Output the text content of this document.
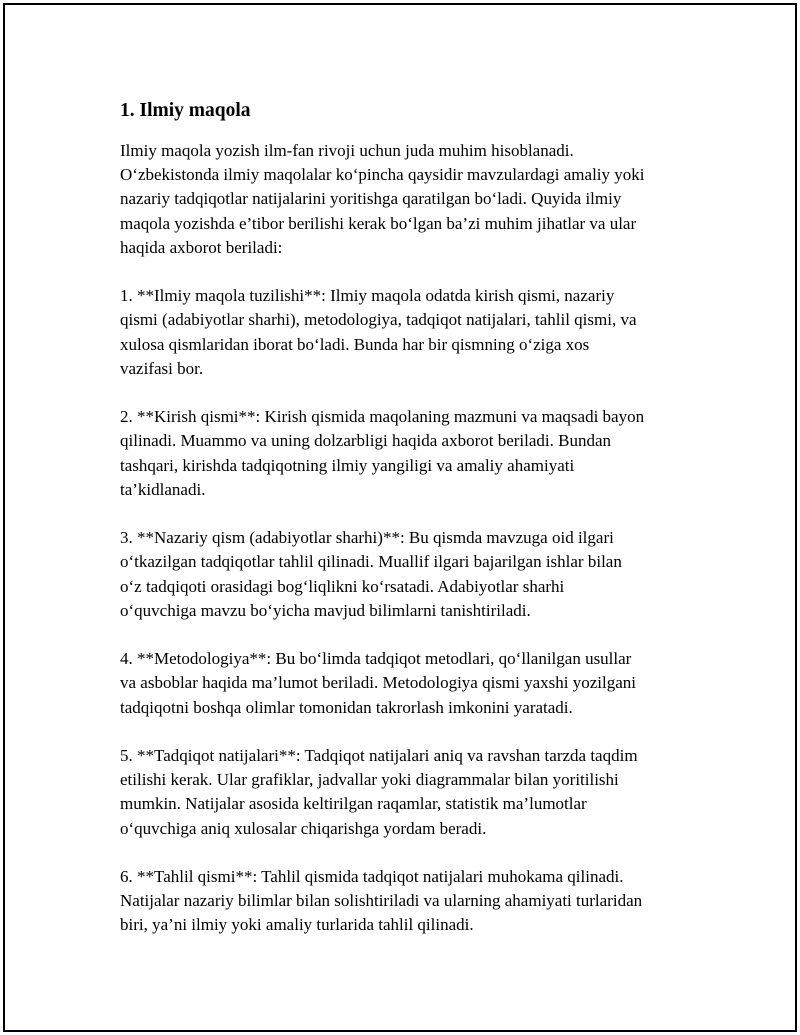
1. Ilmiy maqola

Ilmiy maqola yozish ilm-fan rivoji uchun juda muhim hisoblanadi.
O‘zbekistonda ilmiy maqolalar ko‘pincha qaysidir mavzulardagi amaliy yoki
nazariy tadqiqotlar natijalarini yoritishga qaratilgan bo‘ladi. Quyida ilmiy
maqola yozishda e’tibor berilishi kerak bo‘lgan ba’zi muhim jihatlar va ular
haqida axborot beriladi:

1. **Ilmiy maqola tuzilishi**: Ilmiy maqola odatda kirish qismi, nazariy
qismi (adabiyotlar sharhi), metodologiya, tadqiqot natijalari, tahlil qismi, va
xulosa qismlaridan iborat bo‘ladi. Bunda har bir qismning o‘ziga xos
vazifasi bor.

2. **Kirish qismi**: Kirish qismida maqolaning mazmuni va maqsadi bayon
qilinadi. Muammo va uning dolzarbligi haqida axborot beriladi. Bundan
tashqari, kirishda tadqiqotning ilmiy yangiligi va amaliy ahamiyati
ta’kidlanadi.

3. **Nazariy qism (adabiyotlar sharhi)**: Bu qismda mavzuga oid ilgari
o‘tkazilgan tadqiqotlar tahlil qilinadi. Muallif ilgari bajarilgan ishlar bilan
o‘z tadqiqoti orasidagi bog‘liqlikni ko‘rsatadi. Adabiyotlar sharhi
o‘quvchiga mavzu bo‘yicha mavjud bilimlarni tanishtiriladi.

4. **Metodologiya**: Bu bo‘limda tadqiqot metodlari, qo‘llanilgan usullar
va asboblar haqida ma’lumot beriladi. Metodologiya qismi yaxshi yozilgani
tadqiqotni boshqa olimlar tomonidan takrorlash imkonini yaratadi.

5. **Tadqiqot natijalari**: Tadqiqot natijalari aniq va ravshan tarzda taqdim
etilishi kerak. Ular grafiklar, jadvallar yoki diagrammalar bilan yoritilishi
mumkin. Natijalar asosida keltirilgan raqamlar, statistik ma’lumotlar
o‘quvchiga aniq xulosalar chiqarishga yordam beradi.

6. **Tahlil qismi**: Tahlil qismida tadqiqot natijalari muhokama qilinadi.
Natijalar nazariy bilimlar bilan solishtiriladi va ularning ahamiyati turlaridan
biri, ya’ni ilmiy yoki amaliy turlarida tahlil qilinadi.
